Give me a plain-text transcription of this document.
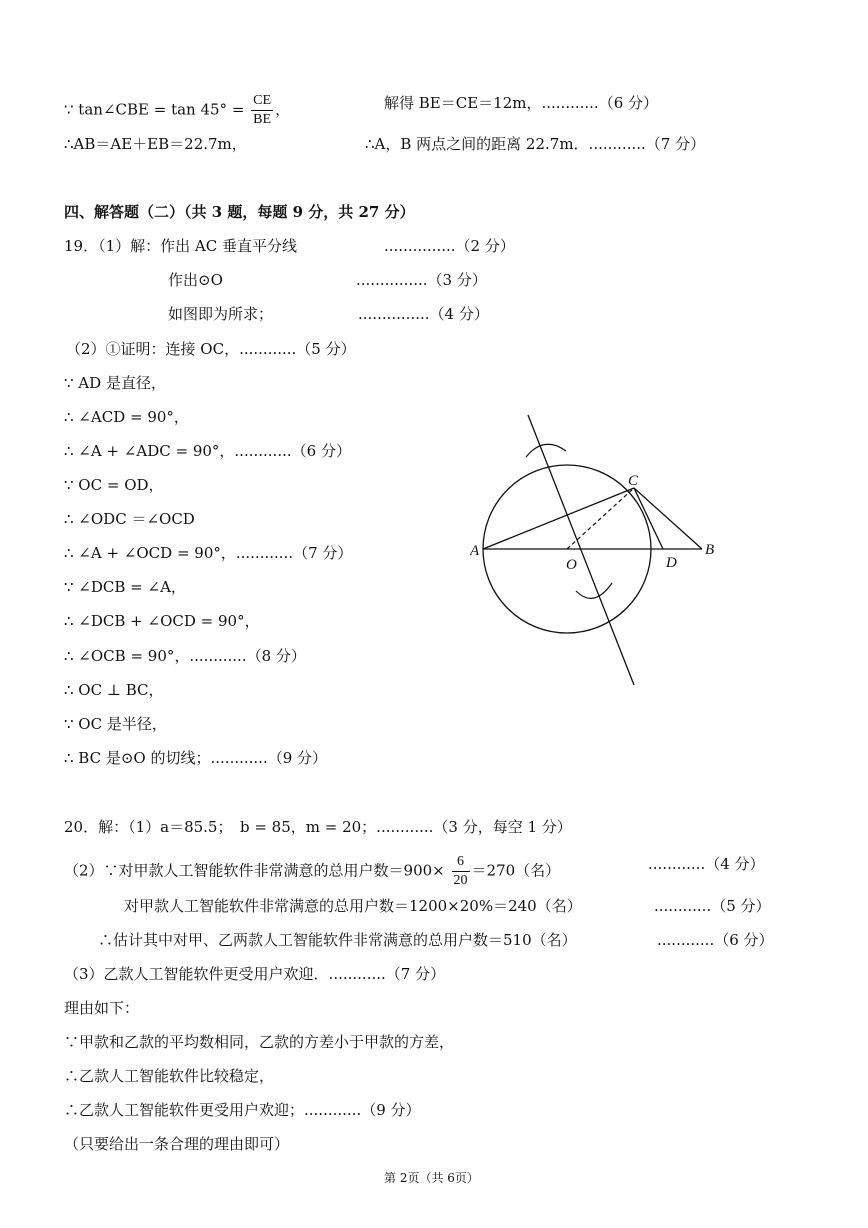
∵ tan∠CBE = $\tan 45^\circ = \frac{CE}{BE}$ ，	解得 BE＝CE＝12m，............（6 分）
∴AB＝AE＋EB＝22.7m，	∴A，B 两点之间的距离 22.7m．............（7 分）
四、解答题（二）（共 3 题，每题 9 分，共 27 分）
19．（1）解：作出 AC 垂直平分线	...............（2 分）
作出⊙O	...............（3 分）
如图即为所求；	...............（4 分）
（2）①证明：连接 OC，............（5 分）
∵ AD 是直径，
∴ ∠ACD = 90°，
∴ ∠A + ∠ADC = 90°，............（6 分）
∵ OC = OD，
∴ ∠ODC ＝∠OCD
∴ ∠A + ∠OCD = 90°，............（7 分）
∵ ∠DCB = ∠A，
∴ ∠DCB + ∠OCD = 90°，
∴ ∠OCB = 90°，............（8 分）
∴ OC ⊥ BC，
∵ OC 是半径，
∴ BC 是⊙O 的切线；............（9 分）
A	B
C
D
O
20．解：（1）a＝85.5；　b = 85，m = 20；............（3 分，每空 1 分）
（2）∵对甲款人工智能软件非常满意的总用户数$=900\times \frac{6}{20} =270$（名）	............（4 分）
对甲款人工智能软件非常满意的总用户数＝1200×20%＝240（名）	............（5 分）
∴估计其中对甲、乙两款人工智能软件非常满意的总用户数＝510（名）	............（6 分）
（3）乙款人工智能软件更受用户欢迎．............（7 分）
理由如下：
∵甲款和乙款的平均数相同，乙款的方差小于甲款的方差，
∴乙款人工智能软件比较稳定，
∴乙款人工智能软件更受用户欢迎；............（9 分）
（只要给出一条合理的理由即可）
第 2页（共 6页）
